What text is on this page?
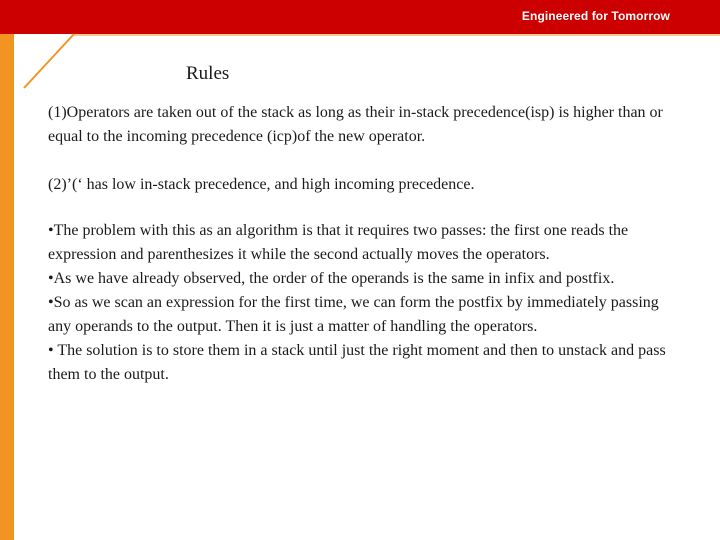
Engineered for Tomorrow
Rules

(1)Operators are taken out of the stack as long as their in-stack precedence(isp) is higher than or equal to the incoming precedence (icp)of the new operator.

(2)’(‘ has low in-stack precedence, and high incoming precedence.

•The problem with this as an algorithm is that it requires two passes: the first one reads the expression and parenthesizes it while the second actually moves the operators.

•As we have already observed, the order of the operands is the same in infix and postfix.

•So as we scan an expression for the first time, we can form the postfix by immediately passing any operands to the output. Then it is just a matter of handling the operators.

• The solution is to store them in a stack until just the right moment and then to unstack and pass them to the output.
